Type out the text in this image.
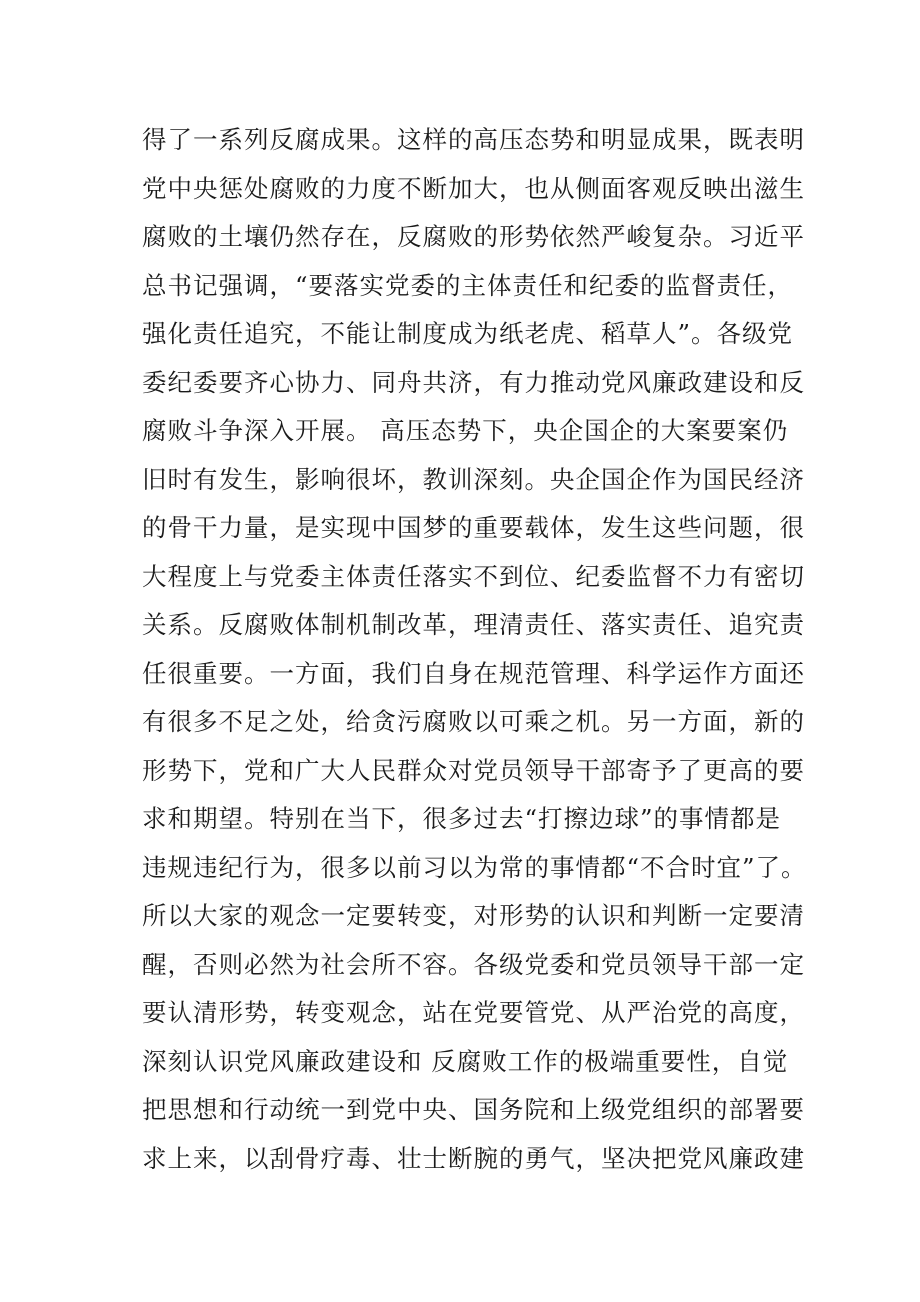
得了一系列反腐成果。这样的高压态势和明显成果，既表明
党中央惩处腐败的力度不断加大，也从侧面客观反映出滋生
腐败的土壤仍然存在，反腐败的形势依然严峻复杂。习近平
总书记强调，“要落实党委的主体责任和纪委的监督责任，
强化责任追究，不能让制度成为纸老虎、稻草人”。各级党
委纪委要齐心协力、同舟共济，有力推动党风廉政建设和反
腐败斗争深入开展。 高压态势下，央企国企的大案要案仍
旧时有发生，影响很坏，教训深刻。央企国企作为国民经济
的骨干力量，是实现中国梦的重要载体，发生这些问题，很
大程度上与党委主体责任落实不到位、纪委监督不力有密切
关系。反腐败体制机制改革，理清责任、落实责任、追究责
任很重要。一方面，我们自身在规范管理、科学运作方面还
有很多不足之处，给贪污腐败以可乘之机。另一方面，新的
形势下，党和广大人民群众对党员领导干部寄予了更高的要
求和期望。特别在当下，很多过去“打擦边球”的事情都是
违规违纪行为，很多以前习以为常的事情都“不合时宜”了。
所以大家的观念一定要转变，对形势的认识和判断一定要清
醒，否则必然为社会所不容。各级党委和党员领导干部一定
要认清形势，转变观念，站在党要管党、从严治党的高度，
深刻认识党风廉政建设和 反腐败工作的极端重要性，自觉
把思想和行动统一到党中央、国务院和上级党组织的部署要
求上来，以刮骨疗毒、壮士断腕的勇气，坚决把党风廉政建
